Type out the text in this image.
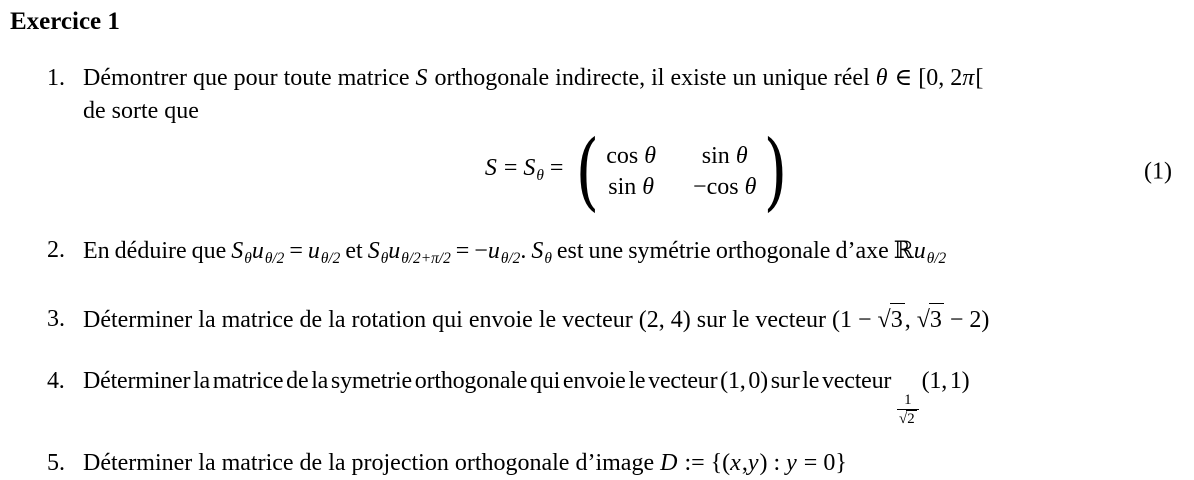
Exercice 1
1. Démontrer que pour toute matrice S orthogonale indirecte, il existe un unique réel θ ∈ [0, 2π[
de sorte que
$S = S_\theta$ = ( cos θ sin θ
sin θ −cos θ )	(1)
2. En déduire que $S_\theta u_{\theta/2} = u_{\theta/2}$ et $S_\theta u_{\theta/2+\pi/2} = -u_{\theta/2}$. $S_\theta$ est une symétrie orthogonale d’axe ℝu$_{\theta/2}$
3. Déterminer la matrice de la rotation qui envoie le vecteur (2, 4) sur le vecteur (1 − √3, √3 − 2)
4. Déterminer la matrice de la symetrie orthogonale qui envoie le vecteur (1, 0) sur le vecteur
$\frac{1}{√2}$
(1, 1)
5. Déterminer la matrice de la projection orthogonale d’image D := {(x,y) : y = 0}
